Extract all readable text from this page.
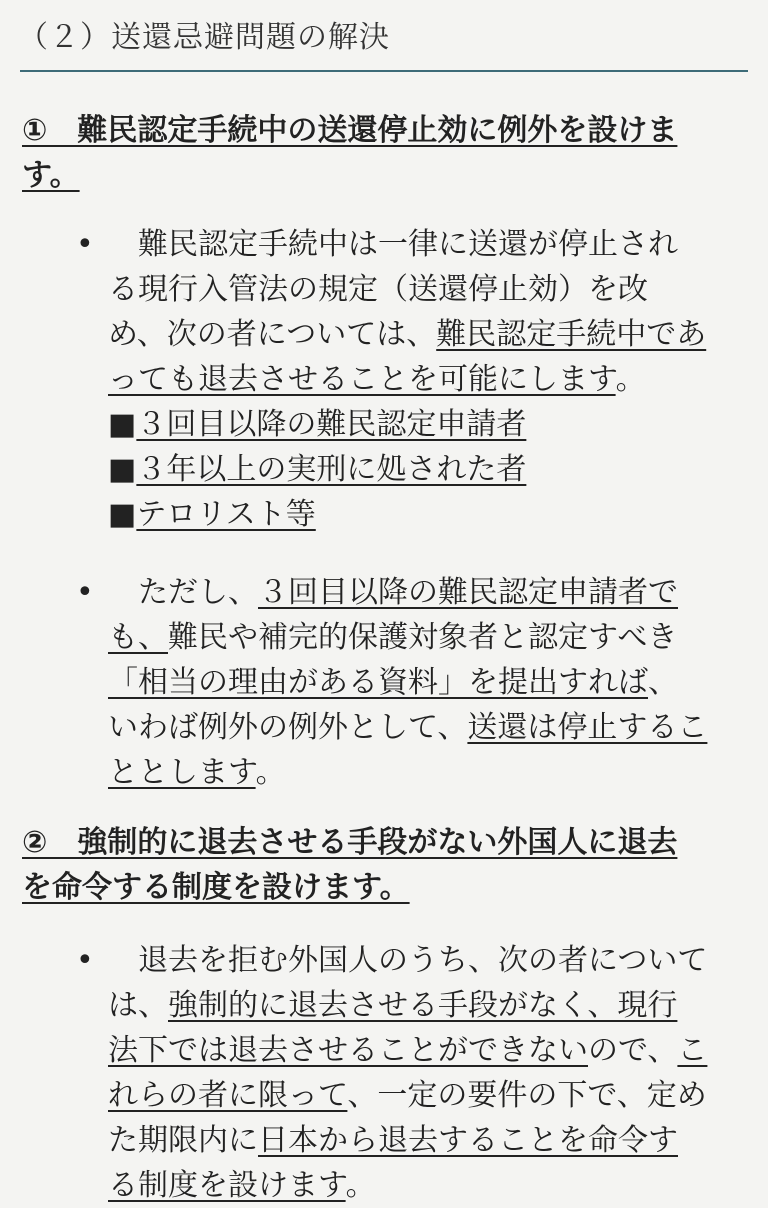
（２）送還忌避問題の解決
①　難民認定手続中の送還停止効に例外を設けま
す。
• 　難民認定手続中は一律に送還が停止され
る現行入管法の規定（送還停止効）を改
め、次の者については、難民認定手続中であ
っても退去させることを可能にします。
■３回目以降の難民認定申請者
■３年以上の実刑に処された者
■テロリスト等
• 　ただし、３回目以降の難民認定申請者で
も、難民や補完的保護対象者と認定すべき
「相当の理由がある資料」を提出すれば、
いわば例外の例外として、送還は停止するこ
ととします。
②　強制的に退去させる手段がない外国人に退去
を命令する制度を設けます。
• 　退去を拒む外国人のうち、次の者について
は、強制的に退去させる手段がなく、現行
法下では退去させることができないので、こ
れらの者に限って、一定の要件の下で、定め
た期限内に日本から退去することを命令す
る制度を設けます。
